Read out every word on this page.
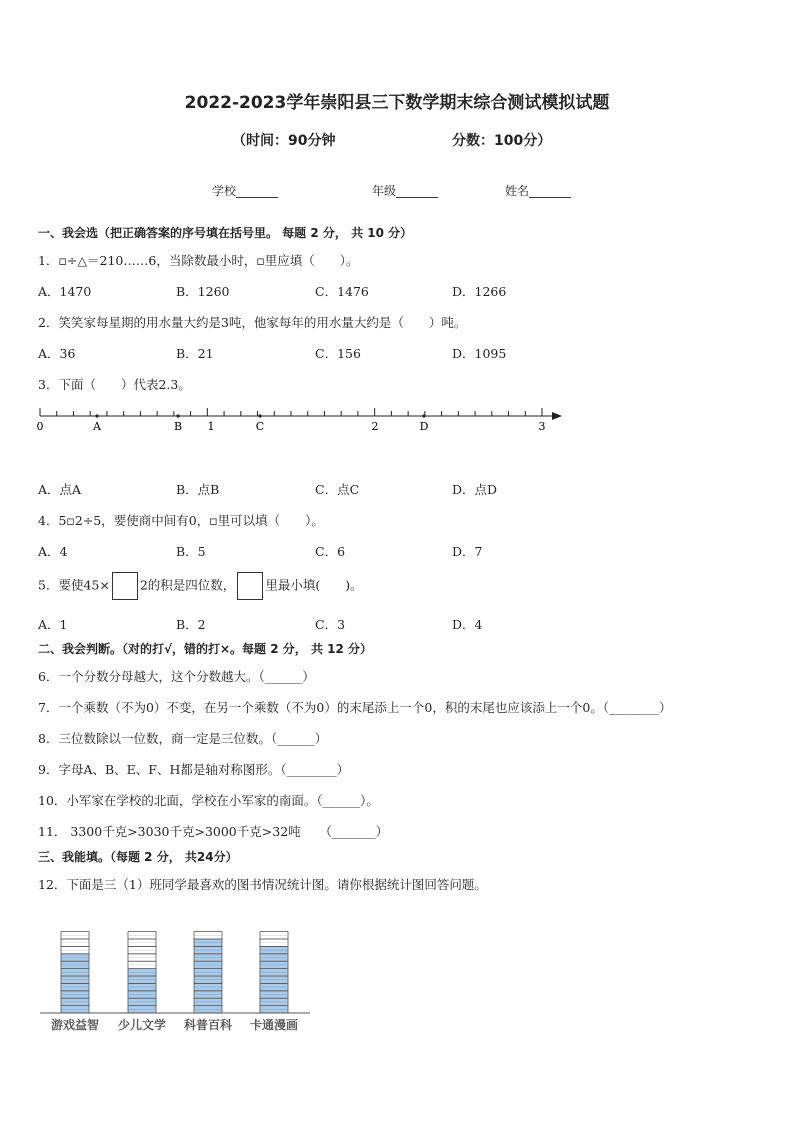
2022-2023学年崇阳县三下数学期末综合测试模拟试题
（时间：90分钟	分数：100分）
学校_______	年级_______	姓名_______
一、我会选（把正确答案的序号填在括号里。 每题 2 分， 共 10 分）
1．▫÷△＝210……6，当除数最小时，▫里应填（　　）。
A．1470	B．1260	C．1476	D．1266
2．笑笑家每星期的用水量大约是3吨，他家每年的用水量大约是（　　）吨。
A．36	B．21	C．156	D．1095
3．下面（　　）代表2.3。
0	A	B 1	C	2	D	3
A．点A	B．点B	C．点C	D．点D
4．5▫2÷5，要使商中间有0，▫里可以填（　　）。
A．4	B．5	C．6	D．7
5．要使45× 2的积是四位数， 里最小填(　　)。
A．1	B．2	C．3	D．4
二、我会判断。（对的打√，错的打×。每题 2 分， 共 12 分）
6．一个分数分母越大，这个分数越大。（______）
7．一个乘数（不为0）不变，在另一个乘数（不为0）的末尾添上一个0，积的末尾也应该添上一个0。（________）
8．三位数除以一位数，商一定是三位数。（______）
9．字母A、B、E、F、H都是轴对称图形。（________）
10．小军家在学校的北面，学校在小军家的南面。（______）。
11． 3300千克>3030千克>3000千克>32吨　　（_______）
三、我能填。（每题 2 分， 共24分）
12．下面是三（1）班同学最喜欢的图书情况统计图。请你根据统计图回答问题。
游戏益智 少儿文学 科普百科 卡通漫画
